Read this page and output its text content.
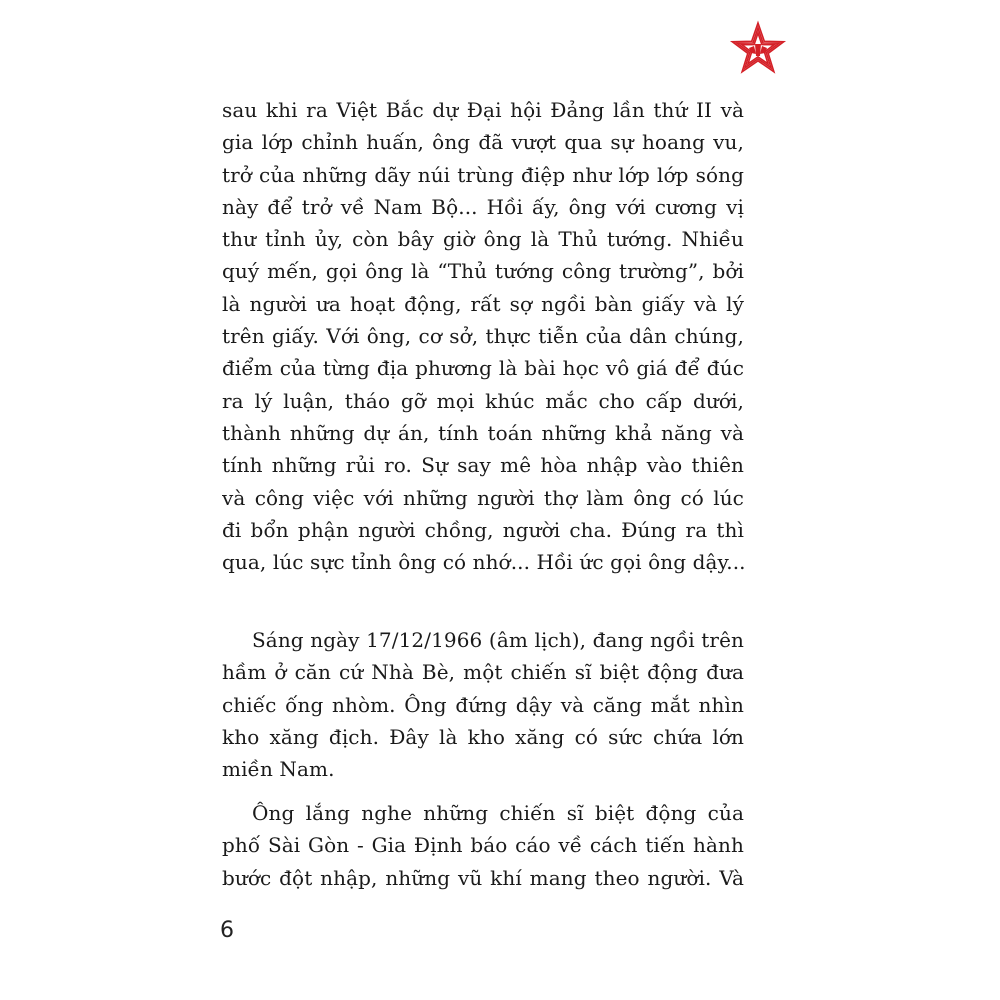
sau khi ra Việt Bắc dự Đại hội Đảng lần thứ II và
gia lớp chỉnh huấn, ông đã vượt qua sự hoang vu,
trở của những dãy núi trùng điệp như lớp lớp sóng
này để trở về Nam Bộ... Hồi ấy, ông với cương vị
thư tỉnh ủy, còn bây giờ ông là Thủ tướng. Nhiều
quý mến, gọi ông là “Thủ tướng công trường”, bởi
là người ưa hoạt động, rất sợ ngồi bàn giấy và lý
trên giấy. Với ông, cơ sở, thực tiễn của dân chúng,
điểm của từng địa phương là bài học vô giá để đúc
ra lý luận, tháo gỡ mọi khúc mắc cho cấp dưới,
thành những dự án, tính toán những khả năng và
tính những rủi ro. Sự say mê hòa nhập vào thiên
và công việc với những người thợ làm ông có lúc
đi bổn phận người chồng, người cha. Đúng ra thì
qua, lúc sực tỉnh ông có nhớ... Hồi ức gọi ông dậy...
Sáng ngày 17/12/1966 (âm lịch), đang ngồi trên
hầm ở căn cứ Nhà Bè, một chiến sĩ biệt động đưa
chiếc ống nhòm. Ông đứng dậy và căng mắt nhìn
kho xăng địch. Đây là kho xăng có sức chứa lớn
miền Nam.
Ông lắng nghe những chiến sĩ biệt động của
phố Sài Gòn - Gia Định báo cáo về cách tiến hành
bước đột nhập, những vũ khí mang theo người. Và
6
